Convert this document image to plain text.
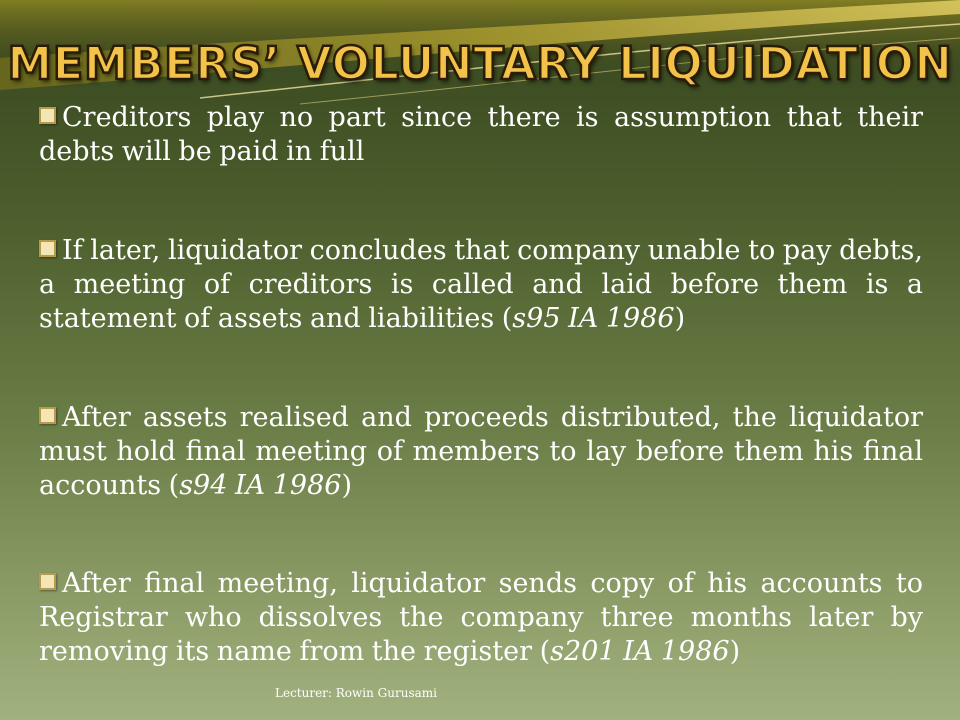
MEMBERS’ VOLUNTARY LIQUIDATION

Creditors play no part since there is assumption that their debts will be paid in full

If later, liquidator concludes that company unable to pay debts, a meeting of creditors is called and laid before them is a statement of assets and liabilities (s95 IA 1986)

After assets realised and proceeds distributed, the liquidator must hold final meeting of members to lay before them his final accounts (s94 IA 1986)

After final meeting, liquidator sends copy of his accounts to Registrar who dissolves the company three months later by removing its name from the register (s201 IA 1986)

Lecturer: Rowin Gurusami
